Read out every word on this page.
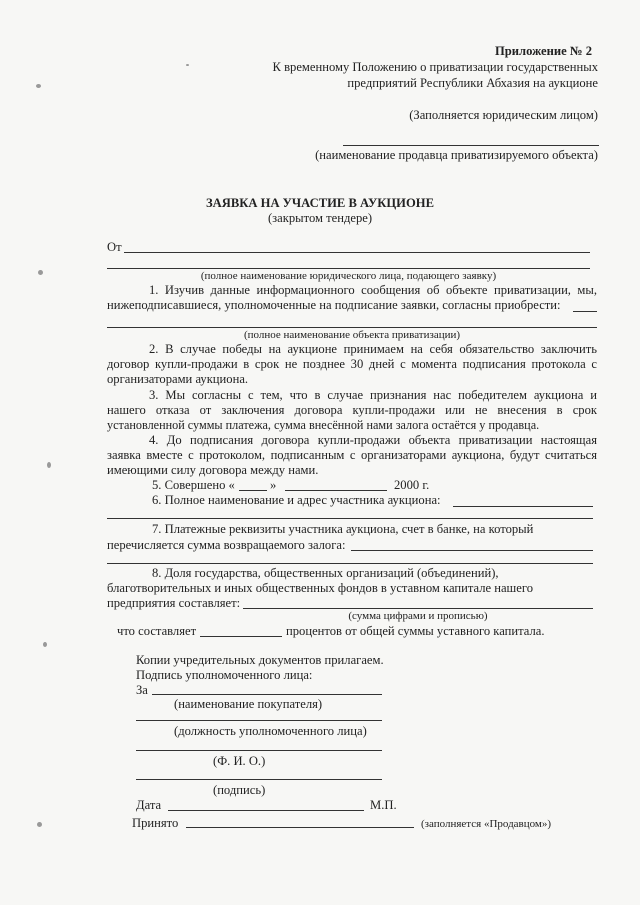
Приложение № 2
К временному Положению о приватизации государственных
предприятий Республики Абхазия на аукционе
(Заполняется юридическим лицом)
(наименование продавца приватизируемого объекта)
ЗАЯВКА НА УЧАСТИЕ В АУКЦИОНЕ
(закрытом тендере)
От
(полное наименование юридического лица, подающего заявку)
1. Изучив данные информационного сообщения об объекте приватизации, мы,
нижеподписавшиеся, уполномоченные на подписание заявки, согласны приобрести:
(полное наименование объекта приватизации)
2. В случае победы на аукционе принимаем на себя обязательство заключить
договор купли-продажи в срок не позднее 30 дней с момента подписания протокола с
организаторами аукциона.
3. Мы согласны с тем, что в случае признания нас победителем аукциона и
нашего отказа от заключения договора купли-продажи или не внесения в срок
установленной суммы платежа, сумма внесённой нами залога остаётся у продавца.
4. До подписания договора купли-продажи объекта приватизации настоящая
заявка вместе с протоколом, подписанным с организаторами аукциона, будут считаться
имеющими силу договора между нами.
5. Совершено «	»	2000 г.
6. Полное наименование и адрес участника аукциона:
7. Платежные реквизиты участника аукциона, счет в банке, на который
перечисляется сумма возвращаемого залога:
8. Доля государства, общественных организаций (объединений),
благотворительных и иных общественных фондов в уставном капитале нашего
предприятия составляет:
(сумма цифрами и прописью)
что составляет	процентов от общей суммы уставного капитала.
Копии учредительных документов прилагаем.
Подпись уполномоченного лица:
За
(наименование покупателя)
(должность уполномоченного лица)
(Ф. И. О.)
(подпись)
Дата	М.П.
Принято	(заполняется «Продавцом»)
